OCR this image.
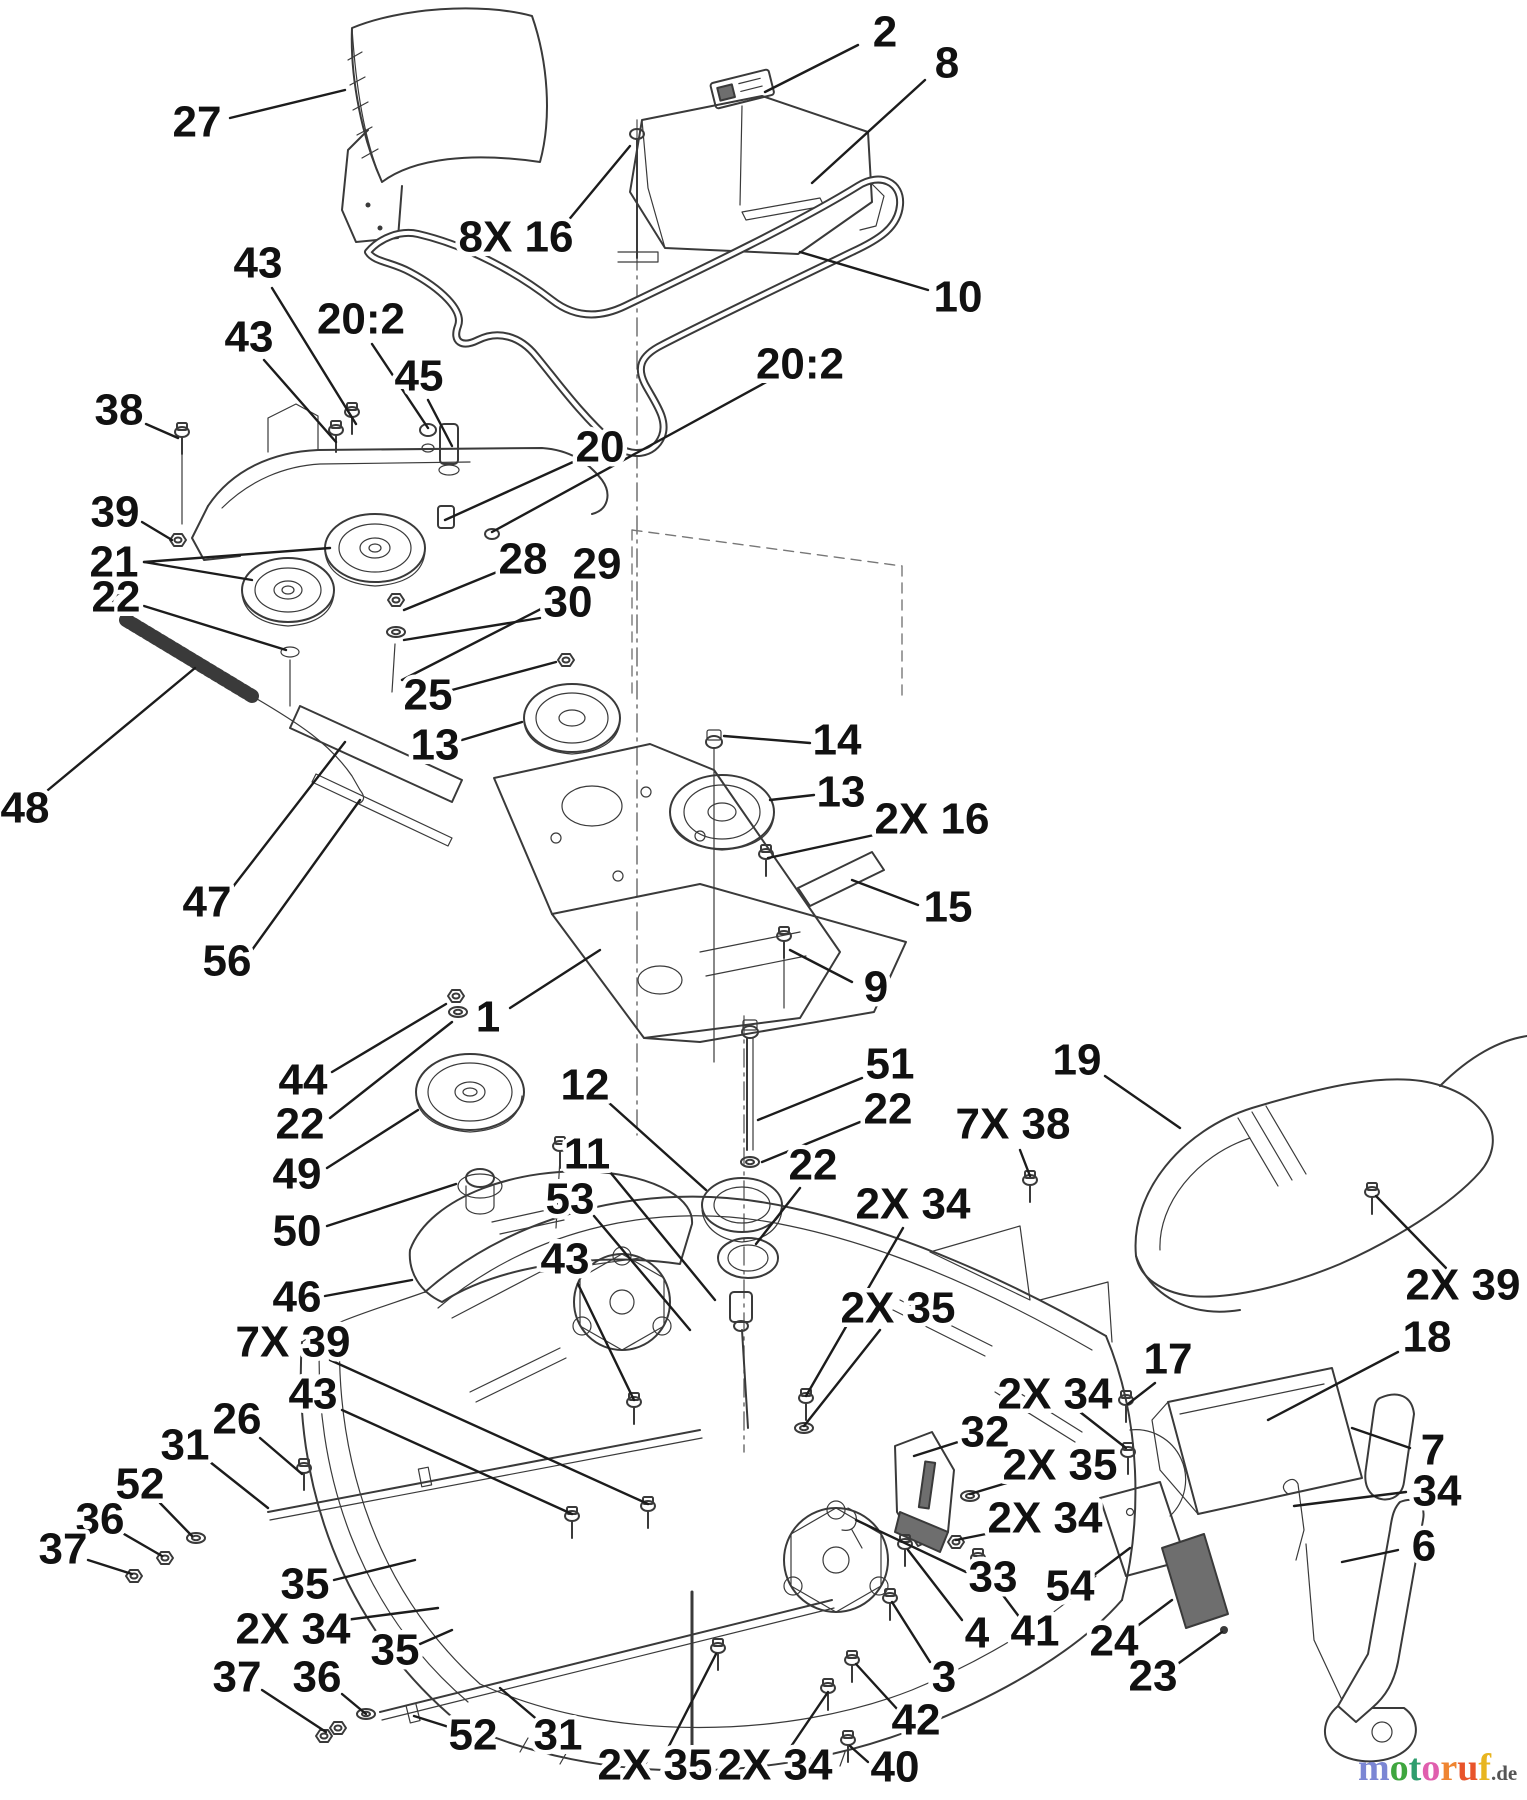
27
2
8
8X 16
10
43
43 20:2
45
38
39
21
22
20
20:2
28 29
30
25
13	14
13
2X 16
15
9
48
47
56
1
44
22
49
50
46
12
11
53
43
51
22
22
7X 38
19
2X 34
2X 35	2X 39
18
17
7
34
6
2X 34
32
2X 35
2X 34
33 54
4 41 24
23
3
42
40
7X 39
43
26
31
52
36
37
35
2X 34 35
37 36
52 31
2X 35 2X 34	motoruf.de
